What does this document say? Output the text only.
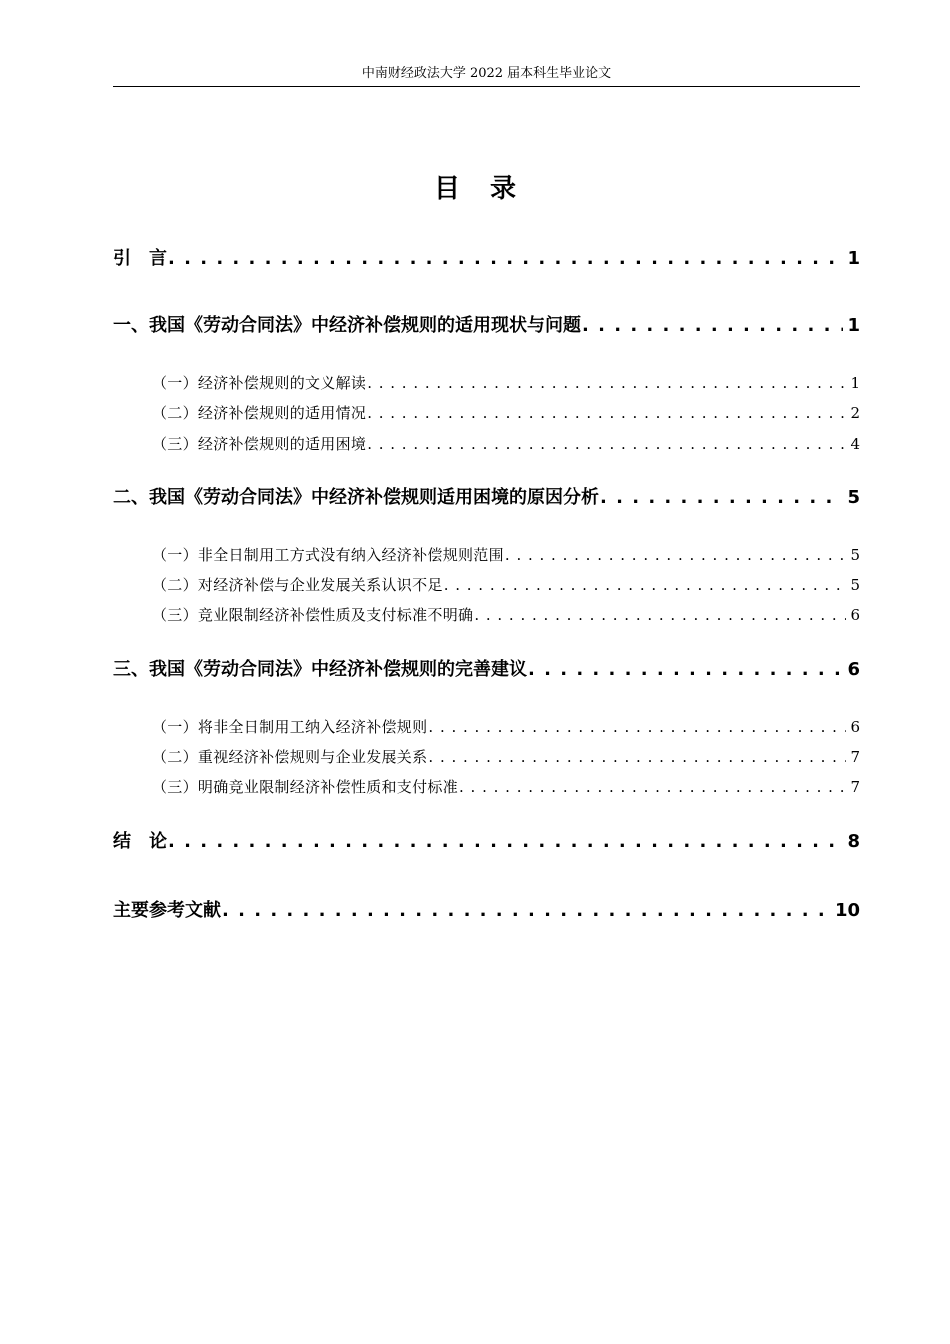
中南财经政法大学 2022 届本科生毕业论文
目录
引　言 . . .	1
一、我国《劳动合同法》中经济补偿规则的适用现状与问题 . . .	1
（一）经济补偿规则的文义解读 . . .	1
（二）经济补偿规则的适用情况 . . .	2
（三）经济补偿规则的适用困境 . . .	4
二、我国《劳动合同法》中经济补偿规则适用困境的原因分析 . . .	5
（一）非全日制用工方式没有纳入经济补偿规则范围 . . .	5
（二）对经济补偿与企业发展关系认识不足 . . .	5
（三）竞业限制经济补偿性质及支付标准不明确 . . .	6
三、我国《劳动合同法》中经济补偿规则的完善建议 . . .	6
（一）将非全日制用工纳入经济补偿规则 . . .	6
（二）重视经济补偿规则与企业发展关系 . . .	7
（三）明确竞业限制经济补偿性质和支付标准 . . .	7
结　论 . . .	8
主要参考文献 . . .	10
